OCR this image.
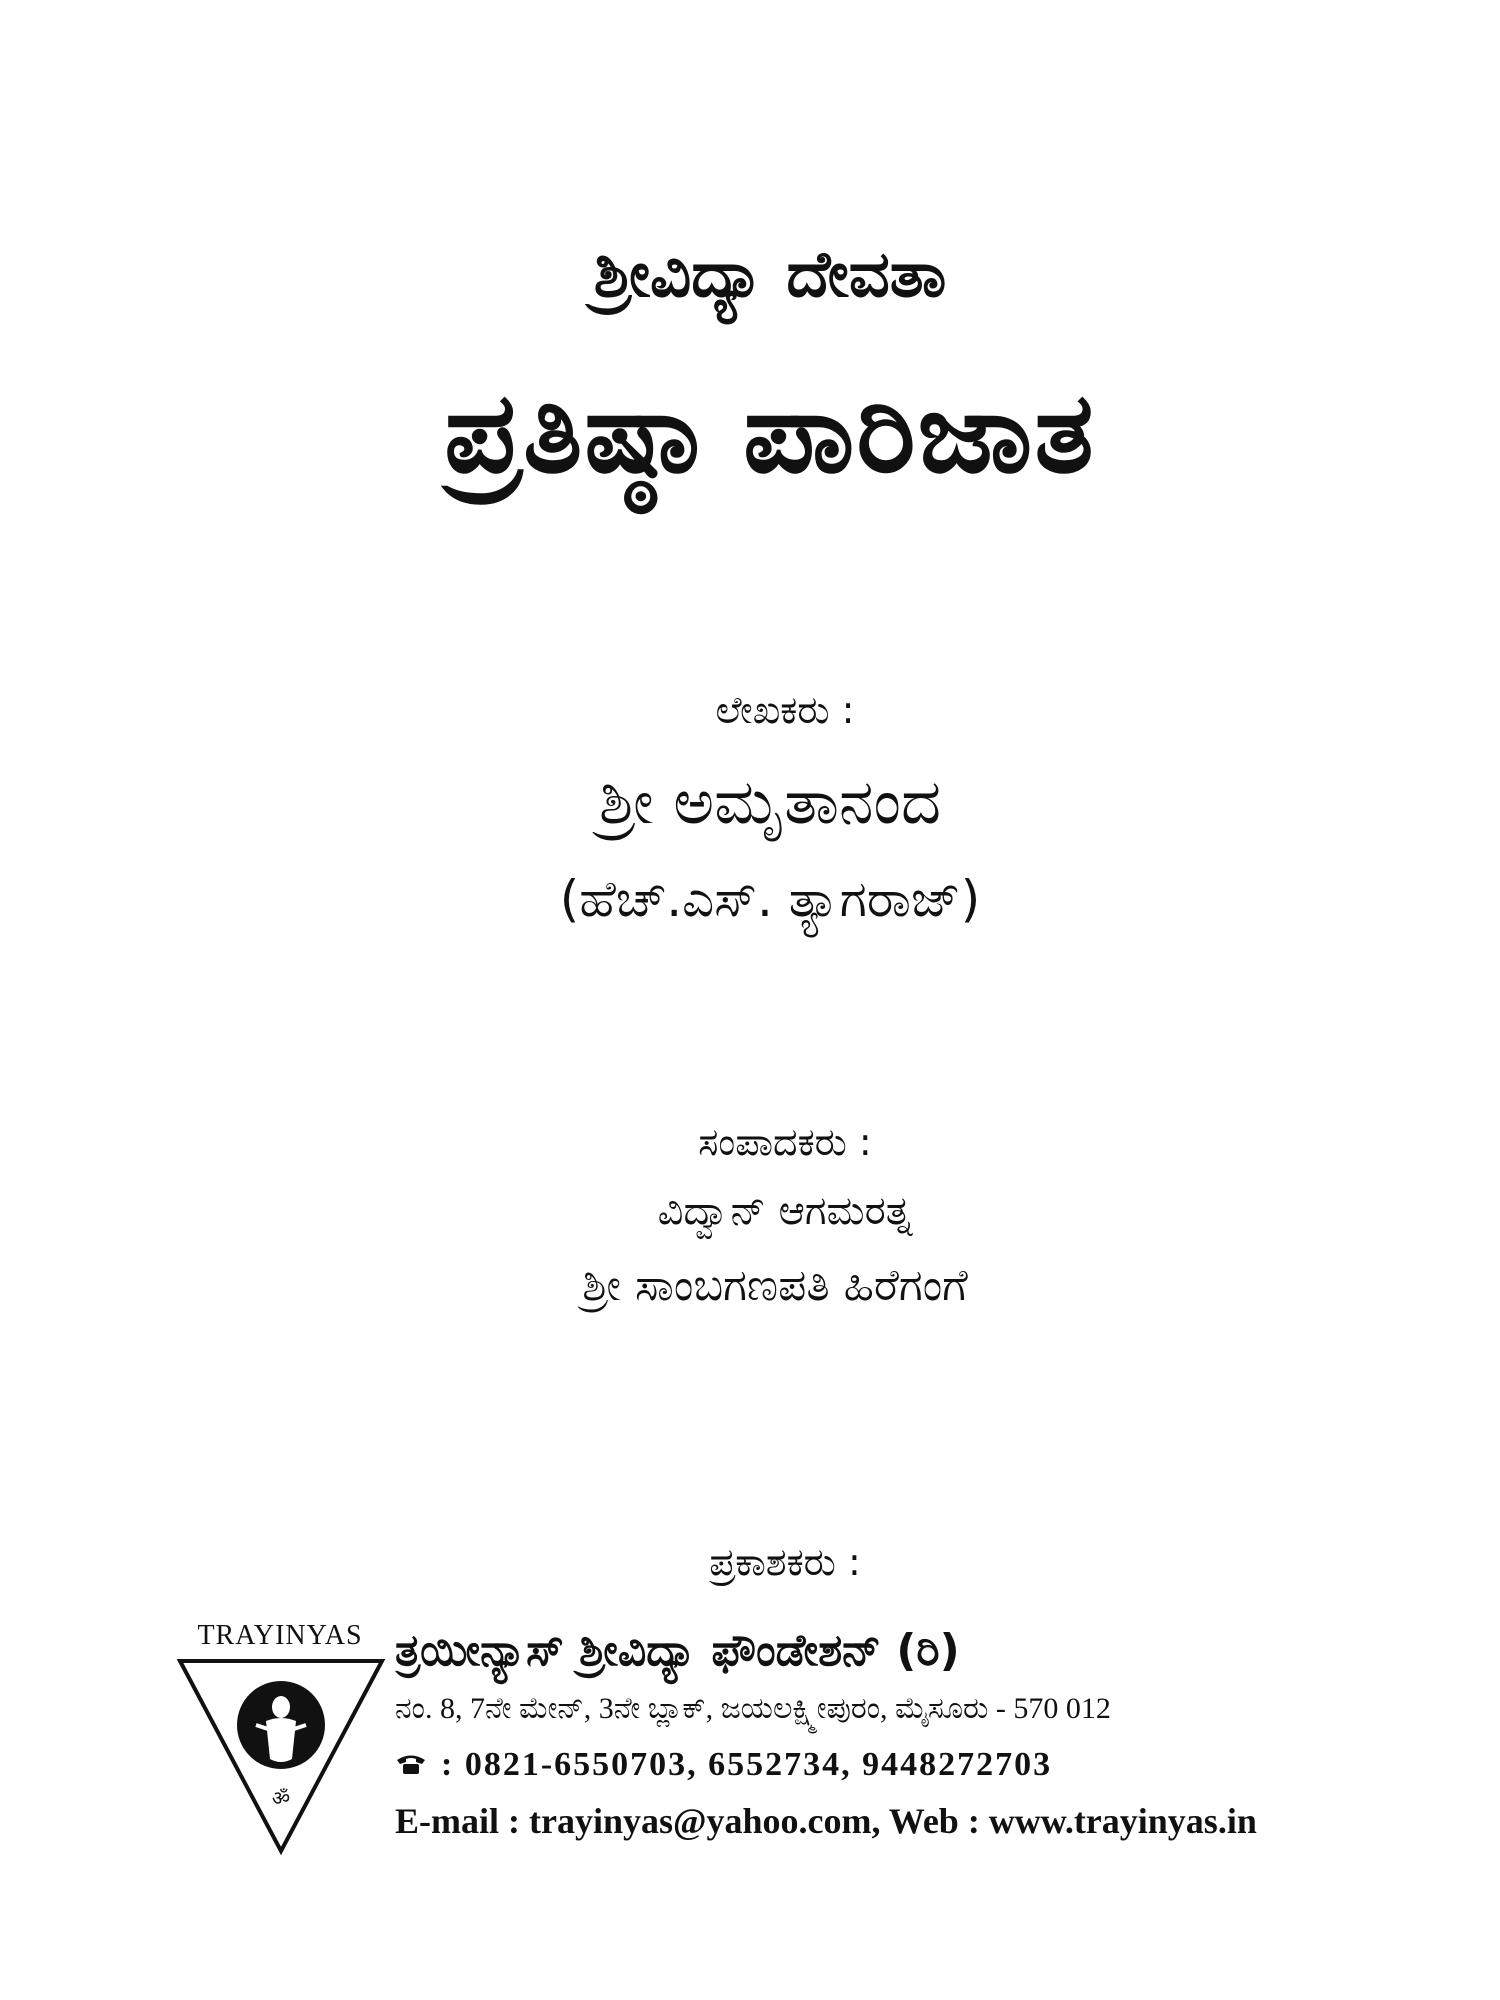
ಶ್ರೀವಿದ್ಯಾ ದೇವತಾ
ಪ್ರತಿಷ್ಠಾ ಪಾರಿಜಾತ
ಲೇಖಕರು :
ಶ್ರೀ ಅಮೃತಾನಂದ
(ಹೆಚ್.ಎಸ್. ತ್ಯಾಗರಾಜ್)
ಸಂಪಾದಕರು :
ವಿದ್ವಾನ್ ಆಗಮರತ್ನ
ಶ್ರೀ ಸಾಂಬಗಣಪತಿ ಹಿರೆಗಂಗೆ
ಪ್ರಕಾಶಕರು :
TRAYINYAS
ॐ
ತ್ರಯೀನ್ಯಾಸ್ ಶ್ರೀವಿದ್ಯಾ ಫೌಂಡೇಶನ್ (ರಿ)
ನಂ. 8, 7ನೇ ಮೇನ್, 3ನೇ ಬ್ಲಾಕ್, ಜಯಲಕ್ಷ್ಮೀಪುರಂ, ಮೈಸೂರು - 570 012
: 0821-6550703, 6552734, 9448272703
E-mail : trayinyas@yahoo.com, Web : www.trayinyas.in
